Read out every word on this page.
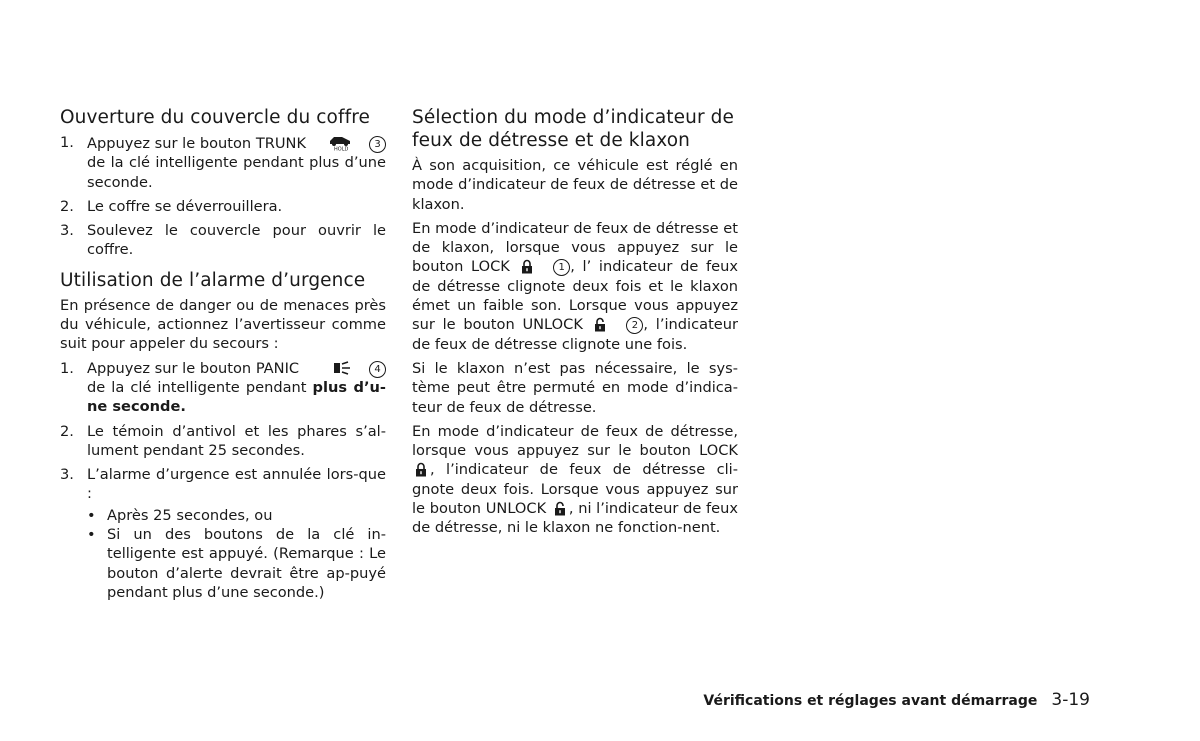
Ouverture du couvercle du coffre
1. Appuyez sur le bouton TRUNK	HOLD	3
de la clé intelligente pendant plus d’une seconde.
2. Le coffre se déverrouillera.
3. Soulevez le couvercle pour ouvrir le coffre.
Utilisation de l’alarme d’urgence

En présence de danger ou de menaces près du véhicule, actionnez l’avertisseur comme suit pour appeler du secours :

1. Appuyez sur le bouton PANIC	4
de la clé intelligente pendant plus d’u-ne seconde.
2. Le témoin d’antivol et les phares s’al-lument pendant 25 secondes.
3. L’alarme d’urgence est annulée lors-que :
• Après 25 secondes, ou
• Si un des boutons de la clé in-telligente est appuyé. (Remarque : Le bouton d’alerte devrait être ap-puyé pendant plus d’une seconde.)
Sélection du mode d’indicateur de feux de détresse et de klaxon

À son acquisition, ce véhicule est réglé en mode d’indicateur de feux de détresse et de klaxon.

En mode d’indicateur de feux de détresse et de klaxon, lorsque vous appuyez sur le bouton LOCK	1 , l’ indicateur de feux de détresse clignote deux fois et le klaxon émet un faible son. Lorsque vous appuyez sur le bouton UNLOCK	2 , l’indicateur de feux de détresse clignote une fois.

Si le klaxon n’est pas nécessaire, le sys-tème peut être permuté en mode d’indica-teur de feux de détresse.

En mode d’indicateur de feux de détresse, lorsque vous appuyez sur le bouton LOCK , l’indicateur de feux de détresse cli-gnote deux fois. Lorsque vous appuyez sur le bouton UNLOCK , ni l’indicateur de feux de détresse, ni le klaxon ne fonction-nent.

Vérifications et réglages avant démarrage 3-19
